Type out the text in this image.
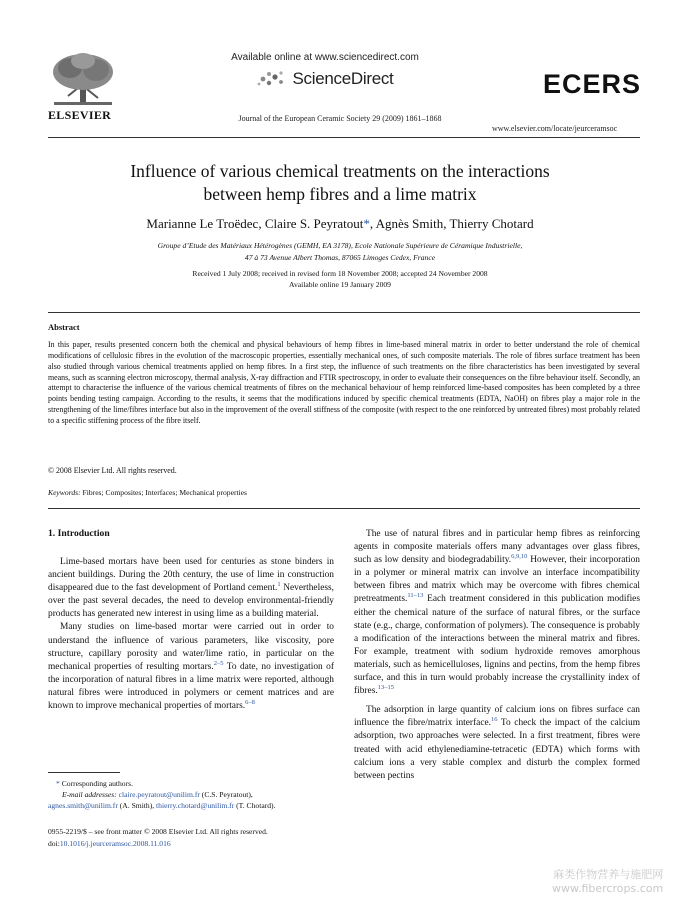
ELSEVIER
Available online at www.sciencedirect.com
ScienceDirect
Journal of the European Ceramic Society 29 (2009) 1861–1868
ECERS
www.elsevier.com/locate/jeurceramsoc
Influence of various chemical treatments on the interactions
between hemp fibres and a lime matrix
Marianne Le Troëdec, Claire S. Peyratout*, Agnès Smith, Thierry Chotard
Groupe d’Etude des Matériaux Hétérogènes (GEMH, EA 3178), Ecole Nationale Supérieure de Céramique Industrielle,
47 à 73 Avenue Albert Thomas, 87065 Limoges Cedex, France
Received 1 July 2008; received in revised form 18 November 2008; accepted 24 November 2008
Available online 19 January 2009
Abstract
In this paper, results presented concern both the chemical and physical behaviours of hemp fibres in lime-based mineral matrix in order to better understand the role of chemical modifications of cellulosic fibres in the evolution of the macroscopic properties, essentially mechanical ones, of such composite materials. The role of fibres surface treatment has been also studied through various chemical treatments applied on hemp fibres. In a first step, the influence of such treatments on the fibre characteristics has been investigated by several means, such as scanning electron microscopy, thermal analysis, X-ray diffraction and FTIR spectroscopy, in order to evaluate their consequences on the fibre behaviour itself. Secondly, an attempt to characterise the influence of the various chemical treatments of fibres on the mechanical behaviour of hemp reinforced lime-based composites has been completed by a three points bending testing campaign. According to the results, it seems that the modifications induced by specific chemical treatments (EDTA, NaOH) on fibres play a major role in the strengthening of the lime/fibres interface but also in the improvement of the overall stiffness of the composite (with respect to the one reinforced by untreated fibres) most probably related to a specific stiffening process of the fibre itself.
© 2008 Elsevier Ltd. All rights reserved.
Keywords: Fibres; Composites; Interfaces; Mechanical properties
1. Introduction

Lime-based mortars have been used for centuries as stone binders in ancient buildings. During the 20th century, the use of lime in construction disappeared due to the fast development of Portland cement.$^1$ Nevertheless, over the past several decades, the need to develop environmental-friendly products has generated new interest in using lime as a building material.

Many studies on lime-based mortar were carried out in order to understand the influence of various parameters, like viscosity, pore structure, capillary porosity and water/lime ratio, in particular on the mechanical properties of resulting mortars.$^{2-5}$ To date, no investigation of the incorporation of natural fibres in a lime matrix were reported, although natural fibres were introduced in polymers or cement matrices and are known to improve mechanical properties of mortars.$^{6-8}$

The use of natural fibres and in particular hemp fibres as reinforcing agents in composite materials offers many advantages over glass fibres, such as low density and biodegradability.$^{6,9,10}$ However, their incorporation in a polymer or mineral matrix can involve an interface incompatibility between fibres and matrix which may be overcome with fibres chemical pretreatments.$^{11-13}$ Each treatment considered in this publication modifies either the chemical nature of the surface of natural fibres, or the surface state (e.g., charge, conformation of polymers). The consequence is probably a modification of the interactions between the mineral matrix and fibres. For example, treatment with sodium hydroxide removes amorphous materials, such as hemicelluloses, lignins and pectins, from the hemp fibres surface, and this in turn would probably increase the crystallinity index of fibres.$^{13-15}$

The adsorption in large quantity of calcium ions on fibres surface can influence the fibre/matrix interface.$^{16}$ To check the impact of the calcium adsorption, two approaches were selected. In a first treatment, fibres were treated with acid ethylenediamine-tetracetic (EDTA) which forms with calcium ions a very stable complex and disturb the complex formed between pectins

* Corresponding authors.
E-mail addresses: claire.peyratout@unilim.fr (C.S. Peyratout),
agnes.smith@unilim.fr (A. Smith), thierry.chotard@unilim.fr (T. Chotard).
0955-2219/$ – see front matter © 2008 Elsevier Ltd. All rights reserved.
doi:10.1016/j.jeurceramsoc.2008.11.016
麻类作物营养与施肥网
www.fibercrops.com
